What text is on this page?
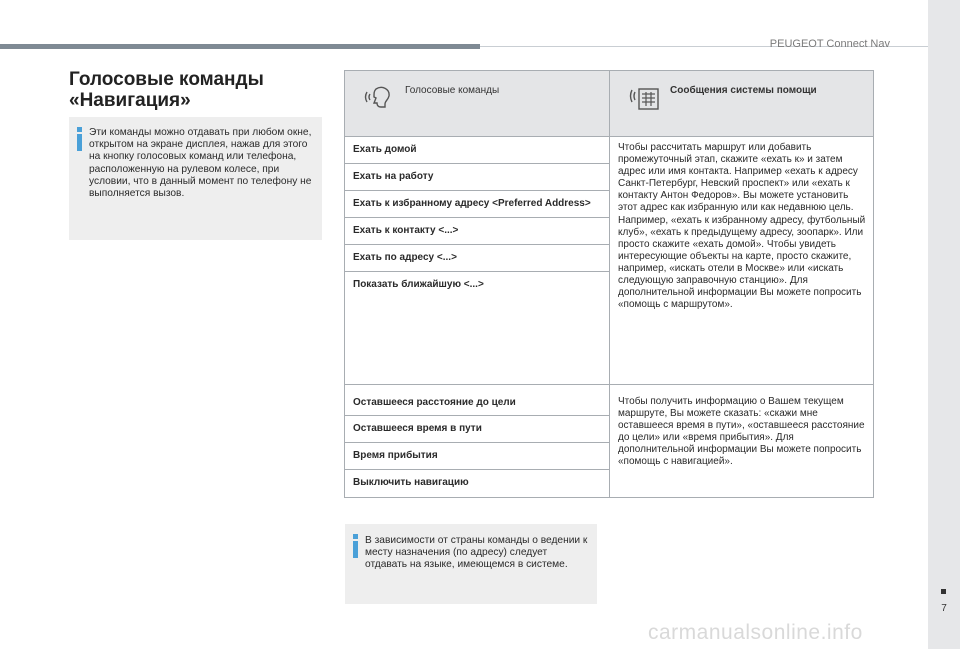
PEUGEOT Connect Nav
7
carmanualsonline.info
Голосовые команды
«Навигация»

Эти команды можно отдавать при любом окне, открытом на экране дисплея, нажав для этого на кнопку голосовых команд или телефона, расположенную на рулевом колесе, при условии, что в данный момент по телефону не выполняется вызов.

Голосовые команды	Сообщения системы помощи
Ехать домой
Ехать на работу
Ехать к избранному адресу <Preferred Address>
Ехать к контакту <...>
Ехать по адресу <...>
Показать ближайшую <...>

Чтобы рассчитать маршрут или добавить промежуточный этап, скажите «ехать к» и затем адрес или имя контакта. Например «ехать к адресу Санкт-Петербург, Невский проспект» или «ехать к контакту Антон Федоров». Вы можете установить этот адрес как избранную или как недавнюю цель. Например, «ехать к избранному адресу, футбольный клуб», «ехать к предыдущему адресу, зоопарк». Или просто скажите «ехать домой». Чтобы увидеть интересующие объекты на карте, просто скажите, например, «искать отели в Москве» или «искать следующую заправочную станцию». Для дополнительной информации Вы можете попросить «помощь с маршрутом».

Оставшееся расстояние до цели
Оставшееся время в пути
Время прибытия
Выключить навигацию

Чтобы получить информацию о Вашем текущем маршруте, Вы можете сказать: «скажи мне оставшееся время в пути», «оставшееся расстояние до цели» или «время прибытия». Для дополнительной информации Вы можете попросить «помощь с навигацией».

В зависимости от страны команды о ведении к месту назначения (по адресу) следует отдавать на языке, имеющемся в системе.
